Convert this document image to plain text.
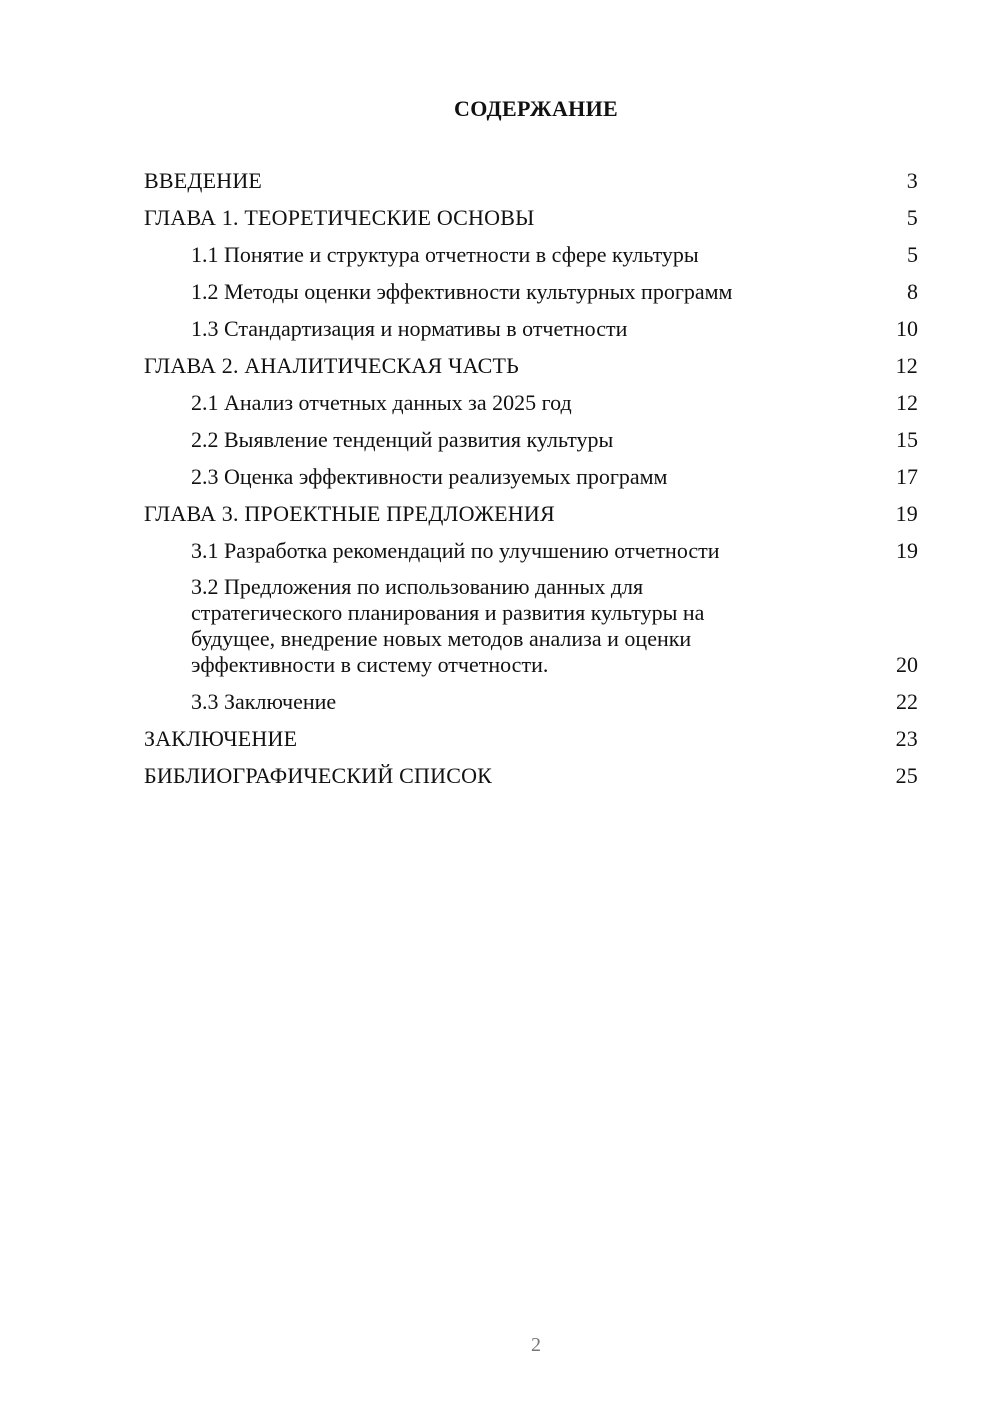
СОДЕРЖАНИЕ
ВВЕДЕНИЕ	3
ГЛАВА 1. ТЕОРЕТИЧЕСКИЕ ОСНОВЫ	5
1.1 Понятие и структура отчетности в сфере культуры	5
1.2 Методы оценки эффективности культурных программ	8
1.3 Стандартизация и нормативы в отчетности	10
ГЛАВА 2. АНАЛИТИЧЕСКАЯ ЧАСТЬ	12
2.1 Анализ отчетных данных за 2025 год	12
2.2 Выявление тенденций развития культуры	15
2.3 Оценка эффективности реализуемых программ	17
ГЛАВА 3. ПРОЕКТНЫЕ ПРЕДЛОЖЕНИЯ	19
3.1 Разработка рекомендаций по улучшению отчетности	19
3.2 Предложения по использованию данных для стратегического планирования и развития культуры на будущее, внедрение новых методов анализа и оценки эффективности в систему отчетности.	20
3.3 Заключение	22
ЗАКЛЮЧЕНИЕ	23
БИБЛИОГРАФИЧЕСКИЙ СПИСОК	25

2
